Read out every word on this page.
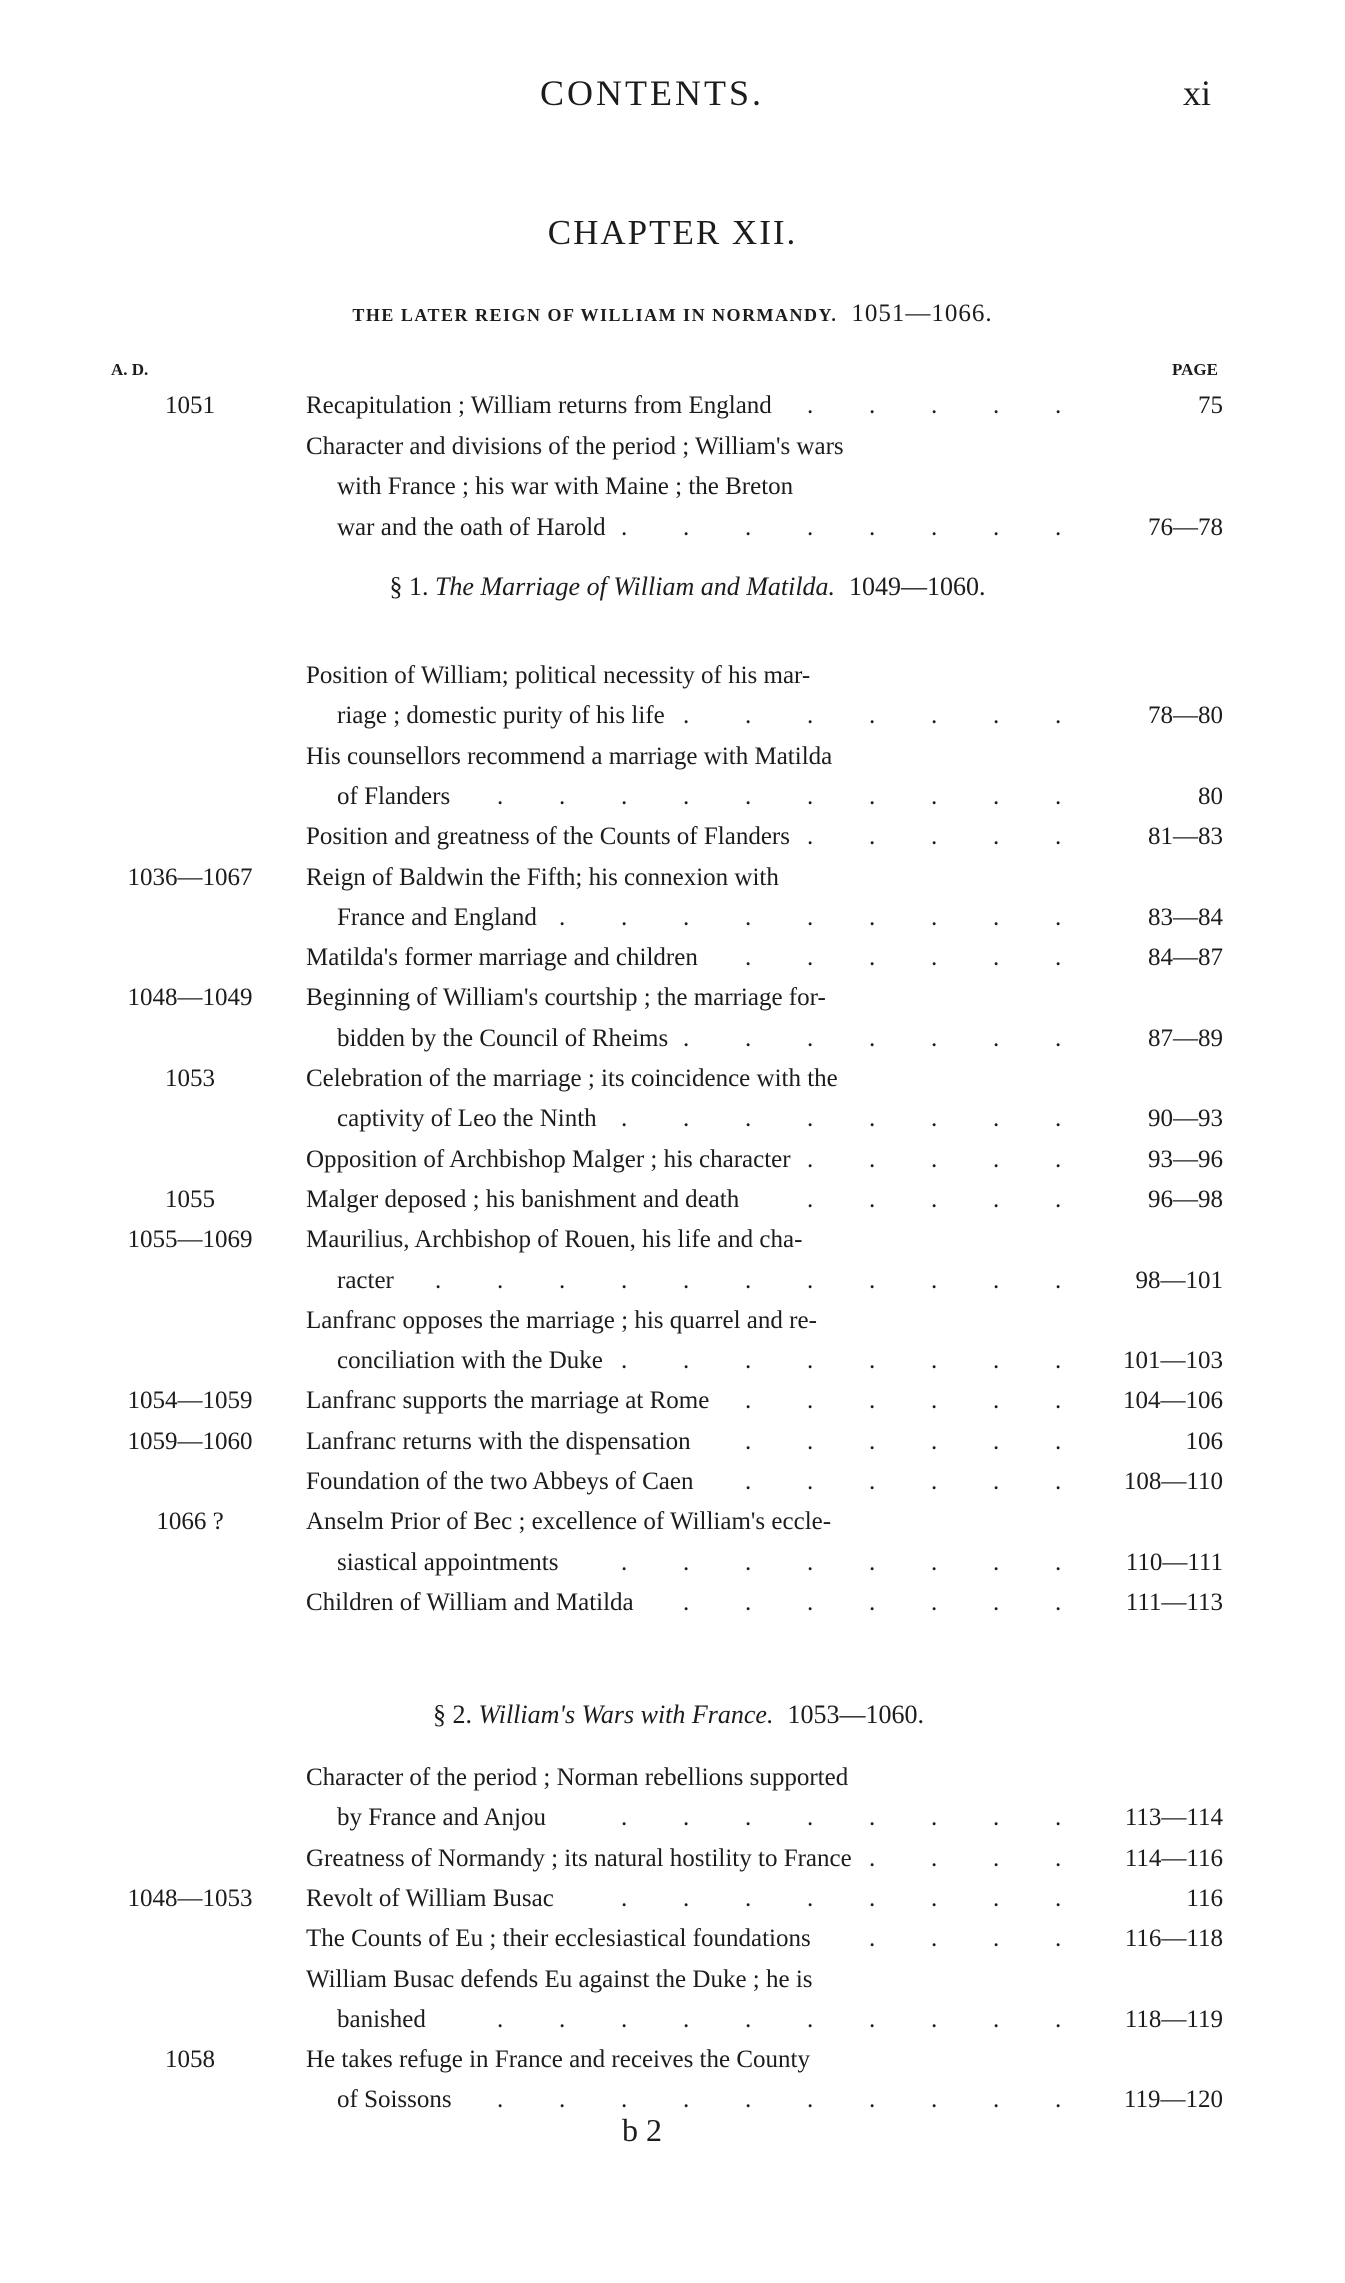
CONTENTS.	xi
CHAPTER XII.
THE LATER REIGN OF WILLIAM IN NORMANDY. 1051—1066.
A. D.	PAGE
1051	Recapitulation ; William returns from England	75
.
.
.
.
.
Character and divisions of the period ; William's wars
with France ; his war with Maine ; the Breton
war and the oath of Harold	76—78
.
.
.
.
.
.
.
.
§ 1. The Marriage of William and Matilda. 1049—1060.
Position of William; political necessity of his mar-
riage ; domestic purity of his life	78—80
.
.
.
.
.
.
.
His counsellors recommend a marriage with Matilda
of Flanders	80
.
.
.
.
.
.
.
.
.
.
Position and greatness of the Counts of Flanders	81—83
.
.
.
.
.
1036—1067	Reign of Baldwin the Fifth; his connexion with
France and England	83—84
.
.
.
.
.
.
.
.
.
Matilda's former marriage and children	84—87
.
.
.
.
.
.
1048—1049	Beginning of William's courtship ; the marriage for-
bidden by the Council of Rheims	87—89
.
.
.
.
.
.
.
1053	Celebration of the marriage ; its coincidence with the
captivity of Leo the Ninth	90—93
.
.
.
.
.
.
.
.
Opposition of Archbishop Malger ; his character	93—96
.
.
.
.
.
1055	Malger deposed ; his banishment and death	96—98
.
.
.
.
.
1055—1069	Maurilius, Archbishop of Rouen, his life and cha-
racter	98—101
.
.
.
.
.
.
.
.
.
.
.
Lanfranc opposes the marriage ; his quarrel and re-
conciliation with the Duke	101—103
.
.
.
.
.
.
.
.
1054—1059	Lanfranc supports the marriage at Rome	104—106
.
.
.
.
.
.
1059—1060	Lanfranc returns with the dispensation	106
.
.
.
.
.
.
Foundation of the two Abbeys of Caen	108—110
.
.
.
.
.
.
1066 ?	Anselm Prior of Bec ; excellence of William's eccle-
siastical appointments	110—111
.
.
.
.
.
.
.
.
Children of William and Matilda	111—113
.
.
.
.
.
.
.
§ 2. William's Wars with France. 1053—1060.
Character of the period ; Norman rebellions supported
by France and Anjou	113—114
.
.
.
.
.
.
.
.
Greatness of Normandy ; its natural hostility to France	114—116
.
.
.
.
1048—1053	Revolt of William Busac	116
.
.
.
.
.
.
.
.
The Counts of Eu ; their ecclesiastical foundations	116—118
.
.
.
.
William Busac defends Eu against the Duke ; he is
banished	118—119
.
.
.
.
.
.
.
.
.
.
1058	He takes refuge in France and receives the County
of Soissons	119—120
.
.
.
.
.
.
.
.
.
.
b 2
